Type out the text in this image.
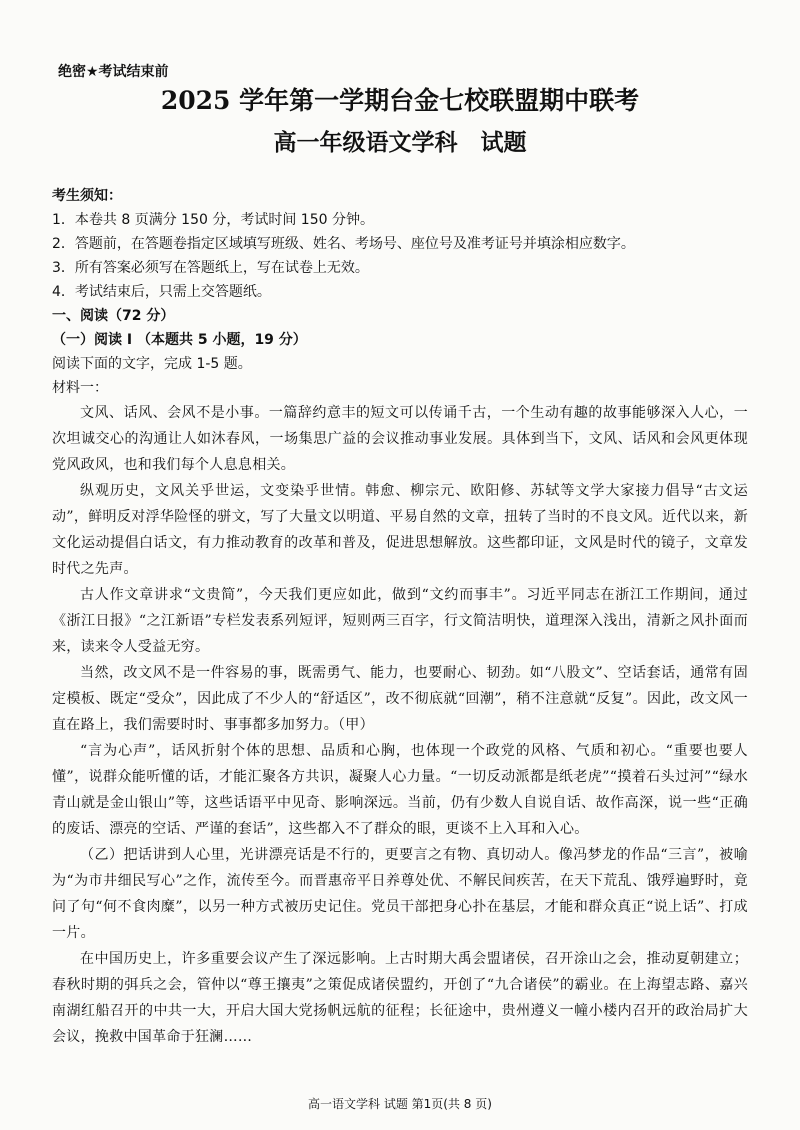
绝密★考试结束前
2025 学年第一学期台金七校联盟期中联考
高一年级语文学科　试题
考生须知：
1．本卷共 8 页满分 150 分，考试时间 150 分钟。
2．答题前，在答题卷指定区域填写班级、姓名、考场号、座位号及准考证号并填涂相应数字。
3．所有答案必须写在答题纸上，写在试卷上无效。
4．考试结束后，只需上交答题纸。
一、阅读（72 分）
（一）阅读 I （本题共 5 小题，19 分）
阅读下面的文字，完成 1-5 题。
材料一：

文风、话风、会风不是小事。一篇辞约意丰的短文可以传诵千古，一个生动有趣的故事能够深入人心，一次坦诚交心的沟通让人如沐春风，一场集思广益的会议推动事业发展。具体到当下，文风、话风和会风更体现党风政风，也和我们每个人息息相关。

纵观历史，文风关乎世运，文变染乎世情。韩愈、柳宗元、欧阳修、苏轼等文学大家接力倡导“古文运动”，鲜明反对浮华险怪的骈文，写了大量文以明道、平易自然的文章，扭转了当时的不良文风。近代以来，新文化运动提倡白话文，有力推动教育的改革和普及，促进思想解放。这些都印证，文风是时代的镜子，文章发时代之先声。

古人作文章讲求“文贵简”，今天我们更应如此，做到“文约而事丰”。习近平同志在浙江工作期间，通过《浙江日报》“之江新语”专栏发表系列短评，短则两三百字，行文简洁明快，道理深入浅出，清新之风扑面而来，读来令人受益无穷。

当然，改文风不是一件容易的事，既需勇气、能力，也要耐心、韧劲。如“八股文”、空话套话，通常有固定模板、既定“受众”，因此成了不少人的“舒适区”，改不彻底就“回潮”，稍不注意就“反复”。因此，改文风一直在路上，我们需要时时、事事都多加努力。（甲）

“言为心声”，话风折射个体的思想、品质和心胸，也体现一个政党的风格、气质和初心。“重要也要人懂”，说群众能听懂的话，才能汇聚各方共识，凝聚人心力量。“一切反动派都是纸老虎”“摸着石头过河”“绿水青山就是金山银山”等，这些话语平中见奇、影响深远。当前，仍有少数人自说自话、故作高深，说一些“正确的废话、漂亮的空话、严谨的套话”，这些都入不了群众的眼，更谈不上入耳和入心。

（乙）把话讲到人心里，光讲漂亮话是不行的，更要言之有物、真切动人。像冯梦龙的作品“三言”，被喻为“为市井细民写心”之作，流传至今。而晋惠帝平日养尊处优、不解民间疾苦，在天下荒乱、饿殍遍野时，竟问了句“何不食肉糜”，以另一种方式被历史记住。党员干部把身心扑在基层，才能和群众真正“说上话”、打成一片。

在中国历史上，许多重要会议产生了深远影响。上古时期大禹会盟诸侯，召开涂山之会，推动夏朝建立；春秋时期的弭兵之会，管仲以“尊王攘夷”之策促成诸侯盟约，开创了“九合诸侯”的霸业。在上海望志路、嘉兴南湖红船召开的中共一大，开启大国大党扬帆远航的征程；长征途中，贵州遵义一幢小楼内召开的政治局扩大会议，挽救中国革命于狂澜……

高一语文学科 试题 第1页(共 8 页)
